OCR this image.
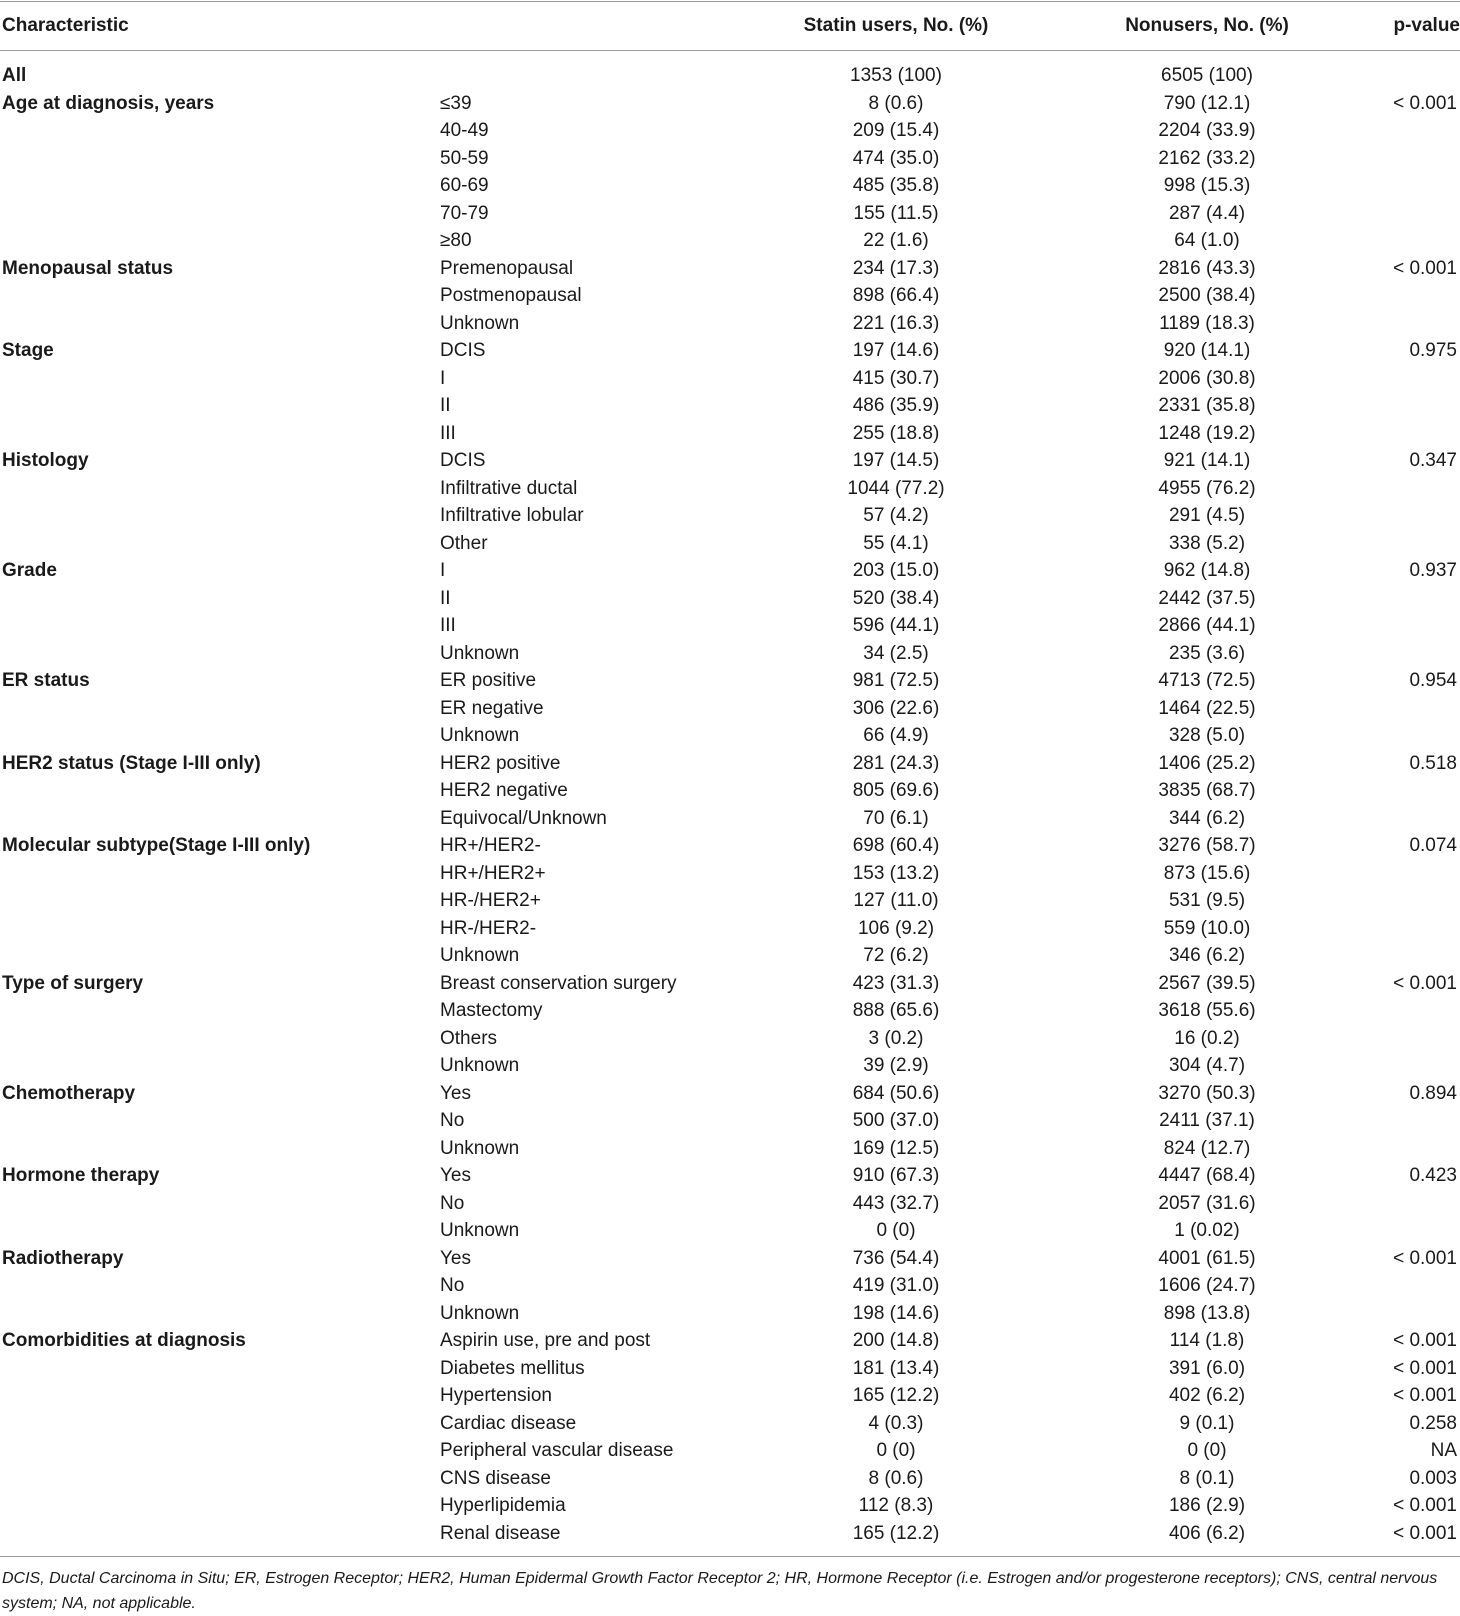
Characteristic	Statin users, No. (%)	Nonusers, No. (%)	p-value
All	1353 (100)	6505 (100)
Age at diagnosis, years	≤39	8 (0.6)	790 (12.1)	< 0.001
40-49	209 (15.4)	2204 (33.9)
50-59	474 (35.0)	2162 (33.2)
60-69	485 (35.8)	998 (15.3)
70-79	155 (11.5)	287 (4.4)
≥80	22 (1.6)	64 (1.0)
Menopausal status	Premenopausal	234 (17.3)	2816 (43.3)	< 0.001
Postmenopausal	898 (66.4)	2500 (38.4)
Unknown	221 (16.3)	1189 (18.3)
Stage	DCIS	197 (14.6)	920 (14.1)	0.975
I	415 (30.7)	2006 (30.8)
II	486 (35.9)	2331 (35.8)
III	255 (18.8)	1248 (19.2)
Histology	DCIS	197 (14.5)	921 (14.1)	0.347
Infiltrative ductal	1044 (77.2)	4955 (76.2)
Infiltrative lobular	57 (4.2)	291 (4.5)
Other	55 (4.1)	338 (5.2)
Grade	I	203 (15.0)	962 (14.8)	0.937
II	520 (38.4)	2442 (37.5)
III	596 (44.1)	2866 (44.1)
Unknown	34 (2.5)	235 (3.6)
ER status	ER positive	981 (72.5)	4713 (72.5)	0.954
ER negative	306 (22.6)	1464 (22.5)
Unknown	66 (4.9)	328 (5.0)
HER2 status (Stage I-III only)	HER2 positive	281 (24.3)	1406 (25.2)	0.518
HER2 negative	805 (69.6)	3835 (68.7)
Equivocal/Unknown	70 (6.1)	344 (6.2)
Molecular subtype(Stage I-III only)	HR+/HER2-	698 (60.4)	3276 (58.7)	0.074
HR+/HER2+	153 (13.2)	873 (15.6)
HR-/HER2+	127 (11.0)	531 (9.5)
HR-/HER2-	106 (9.2)	559 (10.0)
Unknown	72 (6.2)	346 (6.2)
Type of surgery	Breast conservation surgery	423 (31.3)	2567 (39.5)	< 0.001
Mastectomy	888 (65.6)	3618 (55.6)
Others	3 (0.2)	16 (0.2)
Unknown	39 (2.9)	304 (4.7)
Chemotherapy	Yes	684 (50.6)	3270 (50.3)	0.894
No	500 (37.0)	2411 (37.1)
Unknown	169 (12.5)	824 (12.7)
Hormone therapy	Yes	910 (67.3)	4447 (68.4)	0.423
No	443 (32.7)	2057 (31.6)
Unknown	0 (0)	1 (0.02)
Radiotherapy	Yes	736 (54.4)	4001 (61.5)	< 0.001
No	419 (31.0)	1606 (24.7)
Unknown	198 (14.6)	898 (13.8)
Comorbidities at diagnosis	Aspirin use, pre and post	200 (14.8)	114 (1.8)	< 0.001
Diabetes mellitus	181 (13.4)	391 (6.0)	< 0.001
Hypertension	165 (12.2)	402 (6.2)	< 0.001
Cardiac disease	4 (0.3)	9 (0.1)	0.258
Peripheral vascular disease	0 (0)	0 (0)	NA
CNS disease	8 (0.6)	8 (0.1)	0.003
Hyperlipidemia	112 (8.3)	186 (2.9)	< 0.001
Renal disease	165 (12.2)	406 (6.2)	< 0.001
DCIS, Ductal Carcinoma in Situ; ER, Estrogen Receptor; HER2, Human Epidermal Growth Factor Receptor 2; HR, Hormone Receptor (i.e. Estrogen and/or progesterone receptors); CNS, central nervous system; NA, not applicable.
